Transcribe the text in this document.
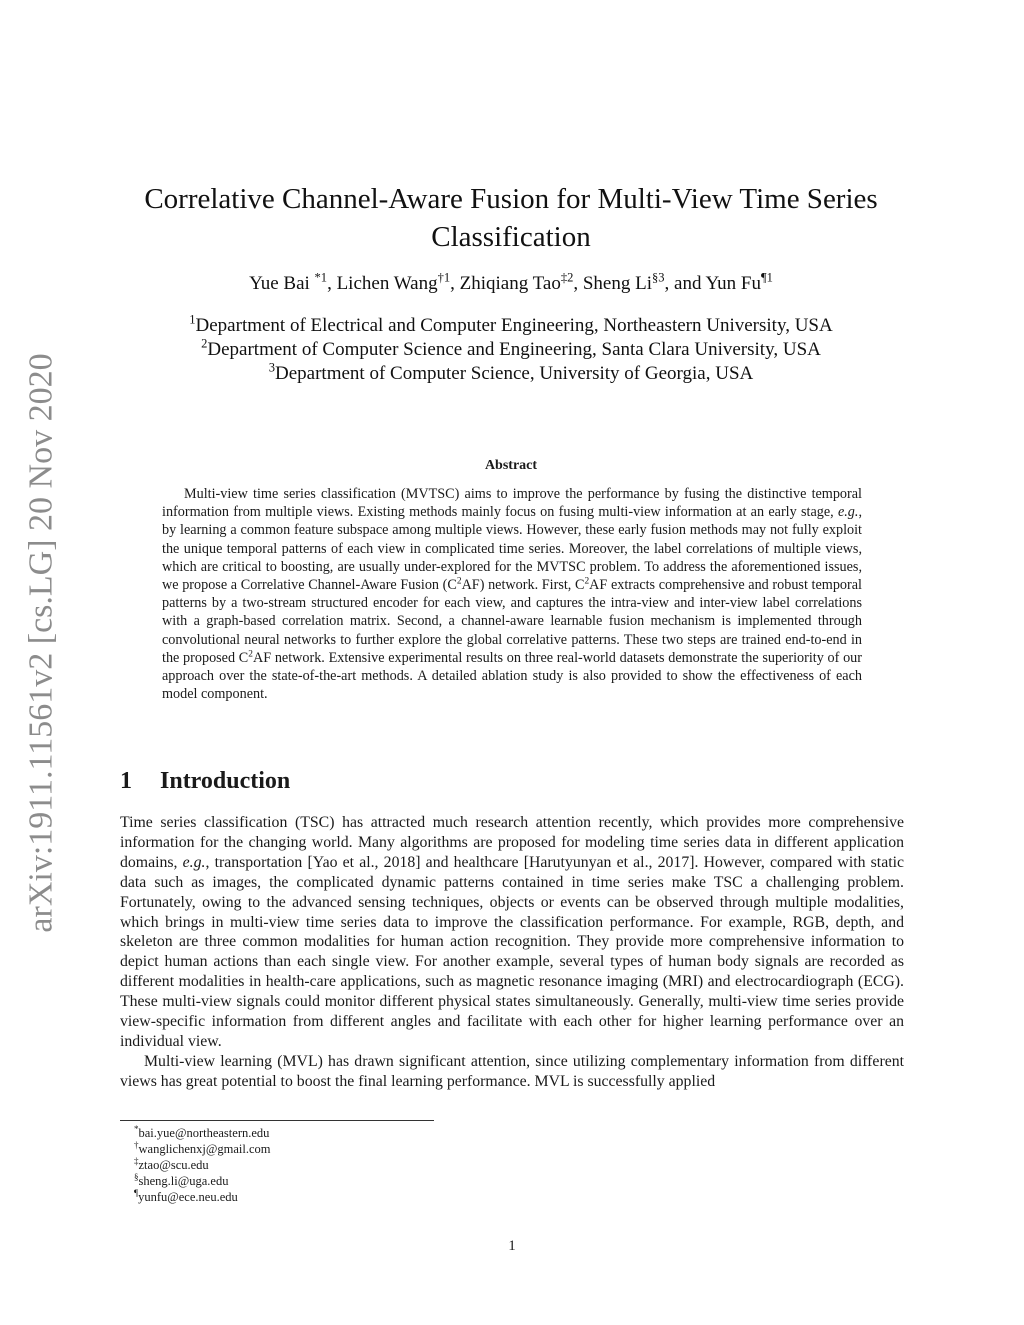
arXiv:1911.11561v2 [cs.LG] 20 Nov 2020
Correlative Channel-Aware Fusion for Multi-View Time Series
Classification
Yue Bai $^{*1}$, Lichen Wang$^{\dagger 1}$, Zhiqiang Tao$^{\ddagger 2}$, Sheng Li$^{\S 3}$, and Yun Fu$^{\P 1}$
$^1$Department of Electrical and Computer Engineering, Northeastern University, USA
$^2$Department of Computer Science and Engineering, Santa Clara University, USA
$^3$Department of Computer Science, University of Georgia, USA
Abstract
Multi-view time series classification (MVTSC) aims to improve the performance by fusing the distinctive temporal information from multiple views. Existing methods mainly focus on fusing multi-view information at an early stage, e.g., by learning a common feature subspace among multiple views. However, these early fusion methods may not fully exploit the unique temporal patterns of each view in complicated time series. Moreover, the label correlations of multiple views, which are critical to boosting, are usually under-explored for the MVTSC problem. To address the aforementioned issues, we propose a Correlative Channel-Aware Fusion $(C^2AF)$ network. First, $C^2AF$ extracts comprehensive and robust temporal patterns by a two-stream structured encoder for each view, and captures the intra-view and inter-view label correlations with a graph-based correlation matrix. Second, a channel-aware learnable fusion mechanism is implemented through convolutional neural networks to further explore the global correlative patterns. These two steps are trained end-to-end in the proposed $C^2AF$ network. Extensive experimental results on three real-world datasets demonstrate the superiority of our approach over the state-of-the-art methods. A detailed ablation study is also provided to show the effectiveness of each model component.
1 Introduction

Time series classification (TSC) has attracted much research attention recently, which provides more comprehensive information for the changing world. Many algorithms are proposed for modeling time series data in different application domains, e.g., transportation [Yao et al., 2018] and healthcare [Harutyunyan et al., 2017]. However, compared with static data such as images, the complicated dynamic patterns contained in time series make TSC a challenging problem. Fortunately, owing to the advanced sensing techniques, objects or events can be observed through multiple modalities, which brings in multi-view time series data to improve the classification performance. For example, RGB, depth, and skeleton are three common modalities for human action recognition. They provide more comprehensive information to depict human actions than each single view. For another example, several types of human body signals are recorded as different modalities in health-care applications, such as magnetic resonance imaging (MRI) and electrocardiograph (ECG). These multi-view signals could monitor different physical states simultaneously. Generally, multi-view time series provide view-specific information from different angles and facilitate with each other for higher learning performance over an individual view.

Multi-view learning (MVL) has drawn significant attention, since utilizing complementary information from different views has great potential to boost the final learning performance. MVL is successfully applied

*bai.yue@northeastern.edu
†wanglichenxj@gmail.com
‡ztao@scu.edu
§sheng.li@uga.edu
¶yunfu@ece.neu.edu
1
